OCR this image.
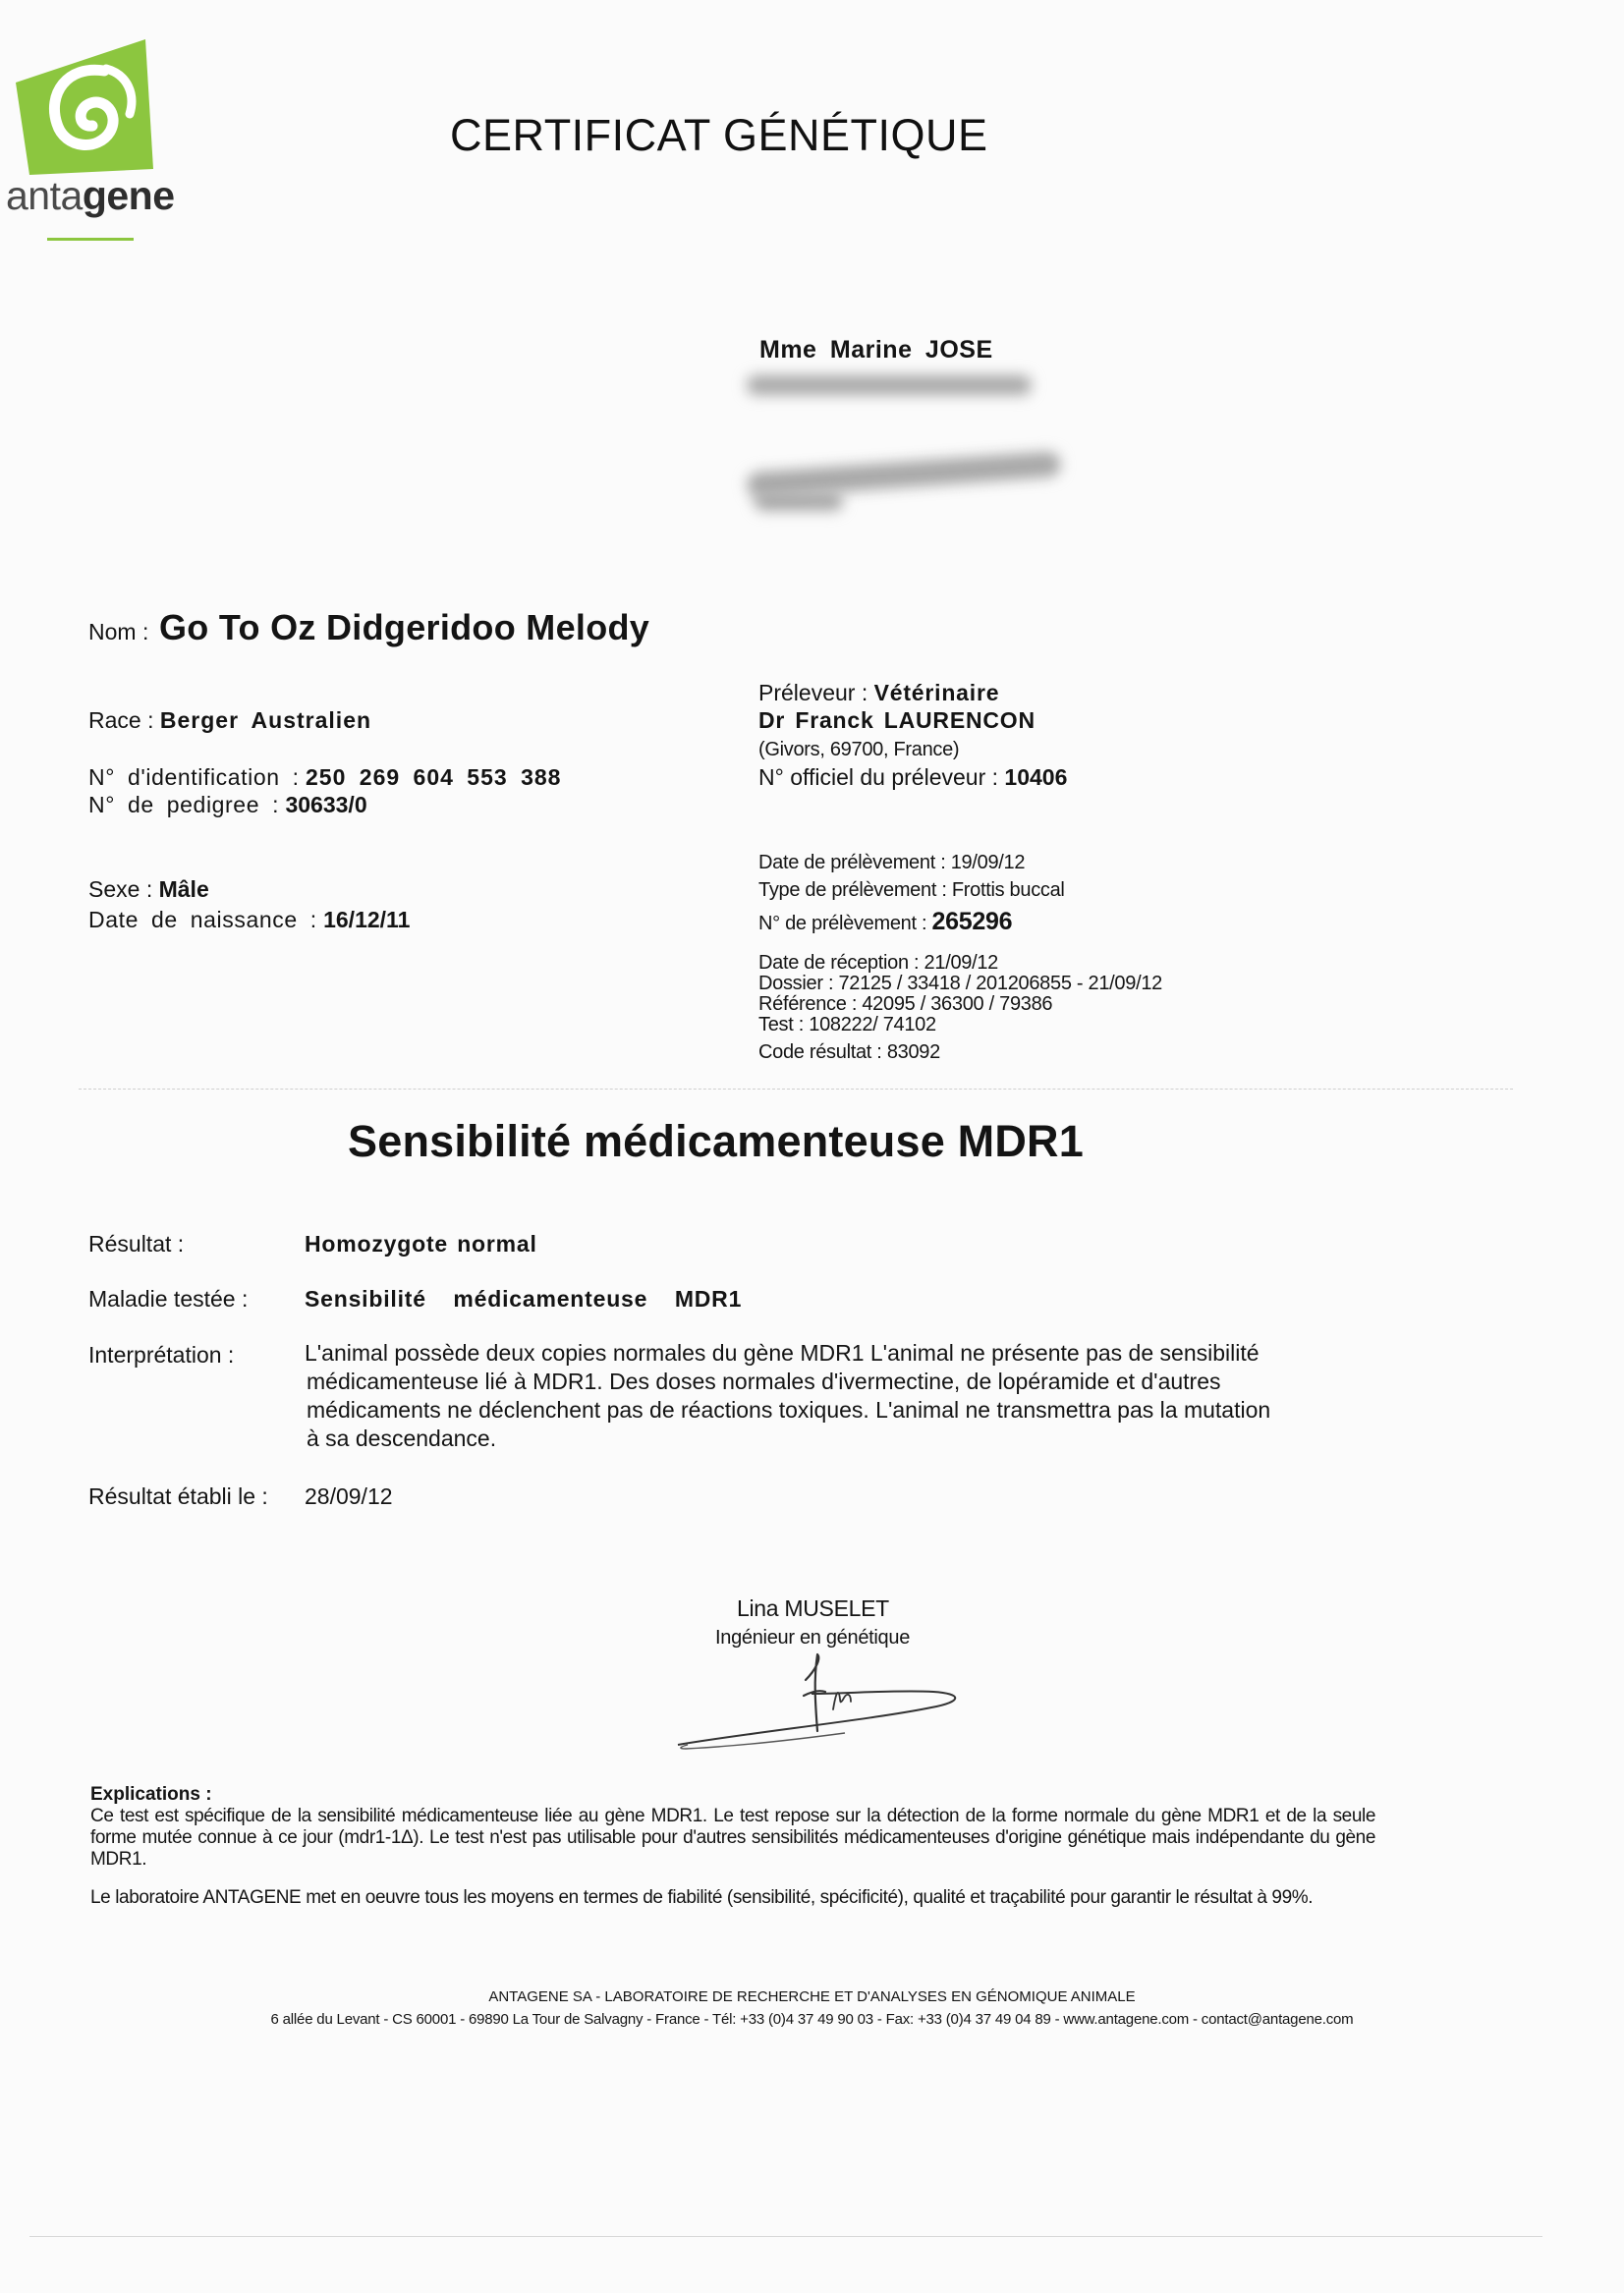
antagene
CERTIFICAT GÉNÉTIQUE
Mme Marine JOSE
Nom : Go To Oz Didgeridoo Melody
Race : Berger Australien
N° d'identification : 250 269 604 553 388
N° de pedigree : 30633/0
Sexe : Mâle
Date de naissance : 16/12/11
Préleveur : Vétérinaire
Dr Franck LAURENCON
(Givors, 69700, France)
N° officiel du préleveur : 10406
Date de prélèvement : 19/09/12
Type de prélèvement : Frottis buccal
N° de prélèvement : 265296
Date de réception : 21/09/12
Dossier : 72125 / 33418 / 201206855 - 21/09/12
Référence : 42095 / 36300 / 79386
Test : 108222/ 74102
Code résultat : 83092
Sensibilité médicamenteuse MDR1
Résultat :	Homozygote normal
Maladie testée :	Sensibilité   médicamenteuse   MDR1
Interprétation :	L'animal possède deux copies normales du gène MDR1 L'animal ne présente pas de sensibilité
médicamenteuse lié à MDR1. Des doses normales d'ivermectine, de lopéramide et d'autres
médicaments ne déclenchent pas de réactions toxiques. L'animal ne transmettra pas la mutation
à sa descendance.
Résultat établi le : 28/09/12
Lina MUSELET
Ingénieur en génétique
Explications :
Ce test est spécifique de la sensibilité médicamenteuse liée au gène MDR1. Le test repose sur la détection de la forme normale du gène MDR1 et de la seule forme mutée connue à ce jour (mdr1-1Δ). Le test n'est pas utilisable pour d'autres sensibilités médicamenteuses d'origine génétique mais indépendante du gène MDR1.
Le laboratoire ANTAGENE met en oeuvre tous les moyens en termes de fiabilité (sensibilité, spécificité), qualité et traçabilité pour garantir le résultat à 99%.
ANTAGENE SA - LABORATOIRE DE RECHERCHE ET D'ANALYSES EN GÉNOMIQUE ANIMALE
6 allée du Levant - CS 60001 - 69890 La Tour de Salvagny - France - Tél: +33 (0)4 37 49 90 03 - Fax: +33 (0)4 37 49 04 89 - www.antagene.com - contact@antagene.com
